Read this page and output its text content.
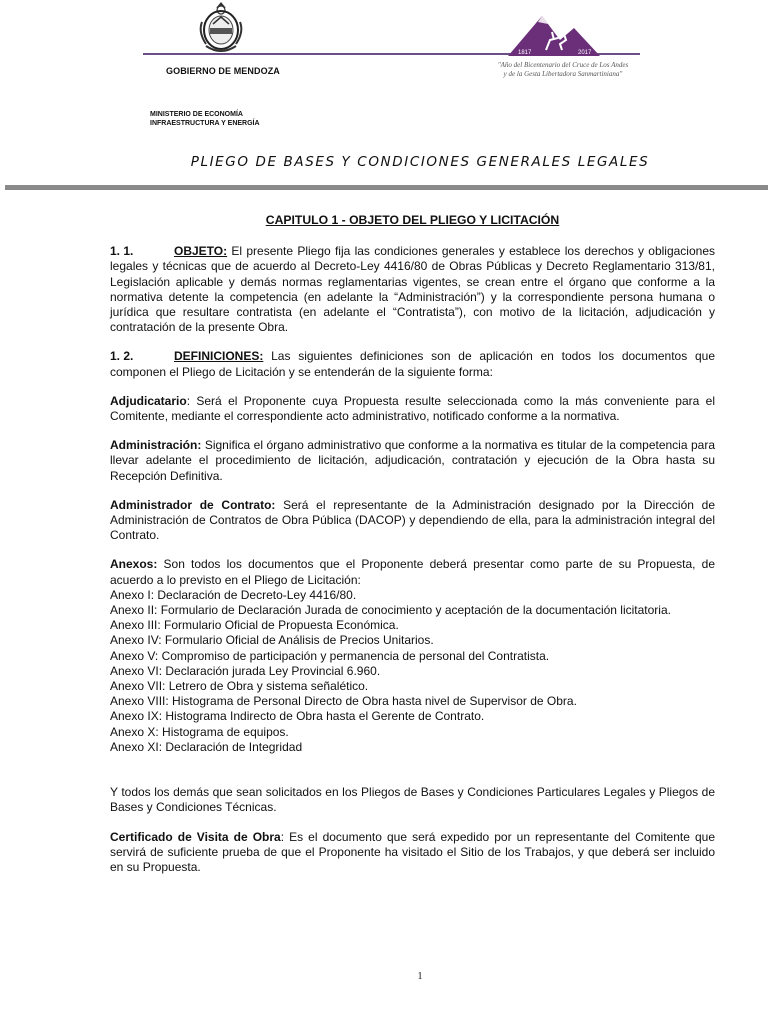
GOBIERNO DE MENDOZA
1817	2017
"Año del Bicentenario del Cruce de Los Andes
y de la Gesta Libertadora Sanmartiniana"
MINISTERIO DE ECONOMÍA
INFRAESTRUCTURA Y ENERGÍA
PLIEGO DE BASES Y CONDICIONES GENERALES LEGALES

CAPITULO 1 - OBJETO DEL PLIEGO Y LICITACIÓN

1. 1.	OBJETO: El presente Pliego fija las condiciones generales y establece los derechos y obligaciones legales y técnicas que de acuerdo al Decreto-Ley 4416/80 de Obras Públicas y Decreto Reglamentario 313/81, Legislación aplicable y demás normas reglamentarias vigentes, se crean entre el órgano que conforme a la normativa detente la competencia (en adelante la “Administración”) y la correspondiente persona humana o jurídica que resultare contratista (en adelante el “Contratista”), con motivo de la licitación, adjudicación y contratación de la presente Obra.

1. 2.	DEFINICIONES: Las siguientes definiciones son de aplicación en todos los documentos que componen el Pliego de Licitación y se entenderán de la siguiente forma:

Adjudicatario: Será el Proponente cuya Propuesta resulte seleccionada como la más conveniente para el Comitente, mediante el correspondiente acto administrativo, notificado conforme a la normativa.

Administración: Significa el órgano administrativo que conforme a la normativa es titular de la competencia para llevar adelante el procedimiento de licitación, adjudicación, contratación y ejecución de la Obra hasta su Recepción Definitiva.

Administrador de Contrato: Será el representante de la Administración designado por la Dirección de Administración de Contratos de Obra Pública (DACOP) y dependiendo de ella, para la administración integral del Contrato.

Anexos: Son todos los documentos que el Proponente deberá presentar como parte de su Propuesta, de acuerdo a lo previsto en el Pliego de Licitación:

Anexo I: Declaración de Decreto-Ley 4416/80.

Anexo II: Formulario de Declaración Jurada de conocimiento y aceptación de la documentación licitatoria.

Anexo III: Formulario Oficial de Propuesta Económica.

Anexo IV: Formulario Oficial de Análisis de Precios Unitarios.

Anexo V: Compromiso de participación y permanencia de personal del Contratista.

Anexo VI: Declaración jurada Ley Provincial 6.960.

Anexo VII: Letrero de Obra y sistema señalético.

Anexo VIII: Histograma de Personal Directo de Obra hasta nivel de Supervisor de Obra.

Anexo IX: Histograma Indirecto de Obra hasta el Gerente de Contrato.

Anexo X: Histograma de equipos.

Anexo XI: Declaración de Integridad

Y todos los demás que sean solicitados en los Pliegos de Bases y Condiciones Particulares Legales y Pliegos de Bases y Condiciones Técnicas.

Certificado de Visita de Obra: Es el documento que será expedido por un representante del Comitente que servirá de suficiente prueba de que el Proponente ha visitado el Sitio de los Trabajos, y que deberá ser incluido en su Propuesta.

1
